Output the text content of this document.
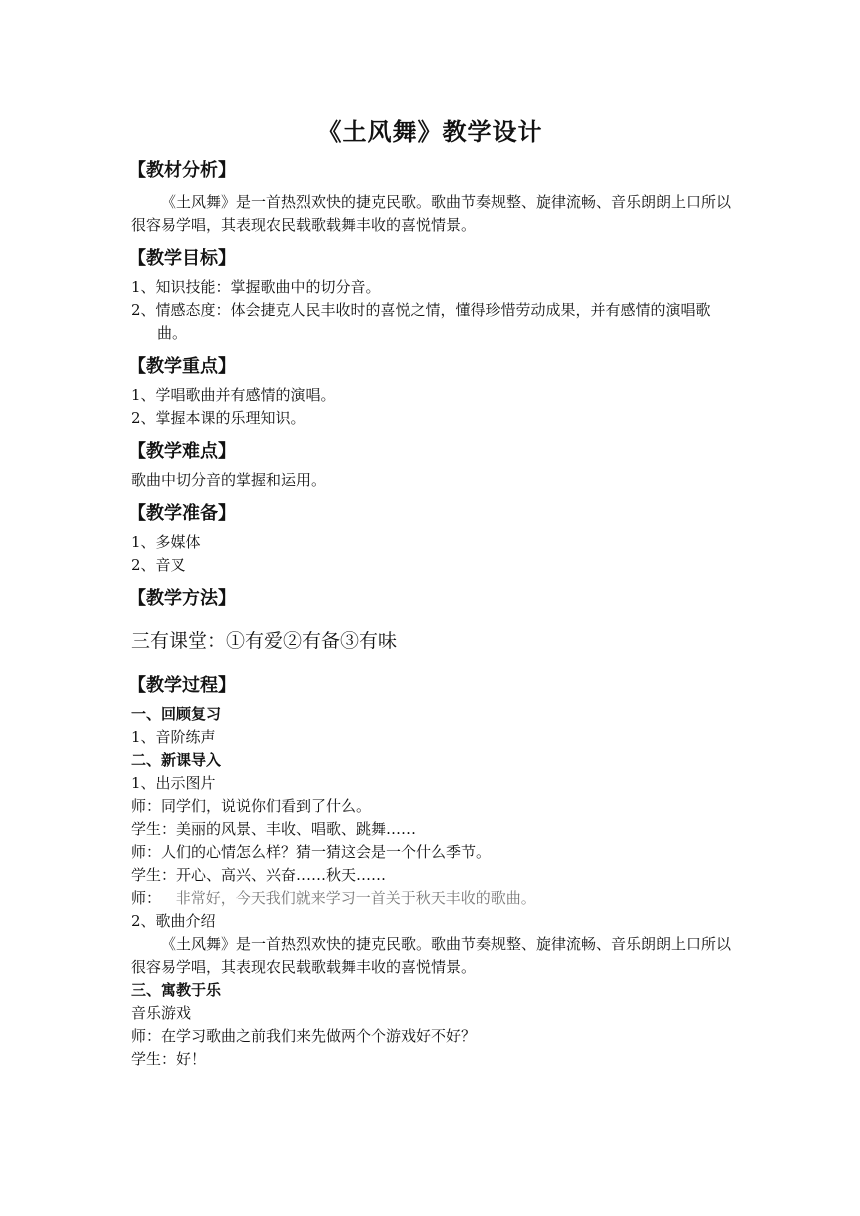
《土风舞》教学设计
【教材分析】
《土风舞》是一首热烈欢快的捷克民歌。歌曲节奏规整、旋律流畅、音乐朗朗上口所以很容易学唱，其表现农民载歌载舞丰收的喜悦情景。
【教学目标】
1、知识技能：掌握歌曲中的切分音。
2、情感态度：体会捷克人民丰收时的喜悦之情，懂得珍惜劳动成果，并有感情的演唱歌曲。
【教学重点】
1、学唱歌曲并有感情的演唱。
2、掌握本课的乐理知识。
【教学难点】
歌曲中切分音的掌握和运用。
【教学准备】
1、多媒体
2、音叉
【教学方法】
三有课堂：①有爱②有备③有味
【教学过程】
一、回顾复习
1、音阶练声
二、新课导入
1、出示图片
师：同学们，说说你们看到了什么。
学生：美丽的风景、丰收、唱歌、跳舞……
师：人们的心情怎么样？猜一猜这会是一个什么季节。
学生：开心、高兴、兴奋……秋天……
师： 非常好，今天我们就来学习一首关于秋天丰收的歌曲。
2、歌曲介绍
《土风舞》是一首热烈欢快的捷克民歌。歌曲节奏规整、旋律流畅、音乐朗朗上口所以很容易学唱，其表现农民载歌载舞丰收的喜悦情景。
三、寓教于乐
音乐游戏
师：在学习歌曲之前我们来先做两个个游戏好不好？
学生：好！
